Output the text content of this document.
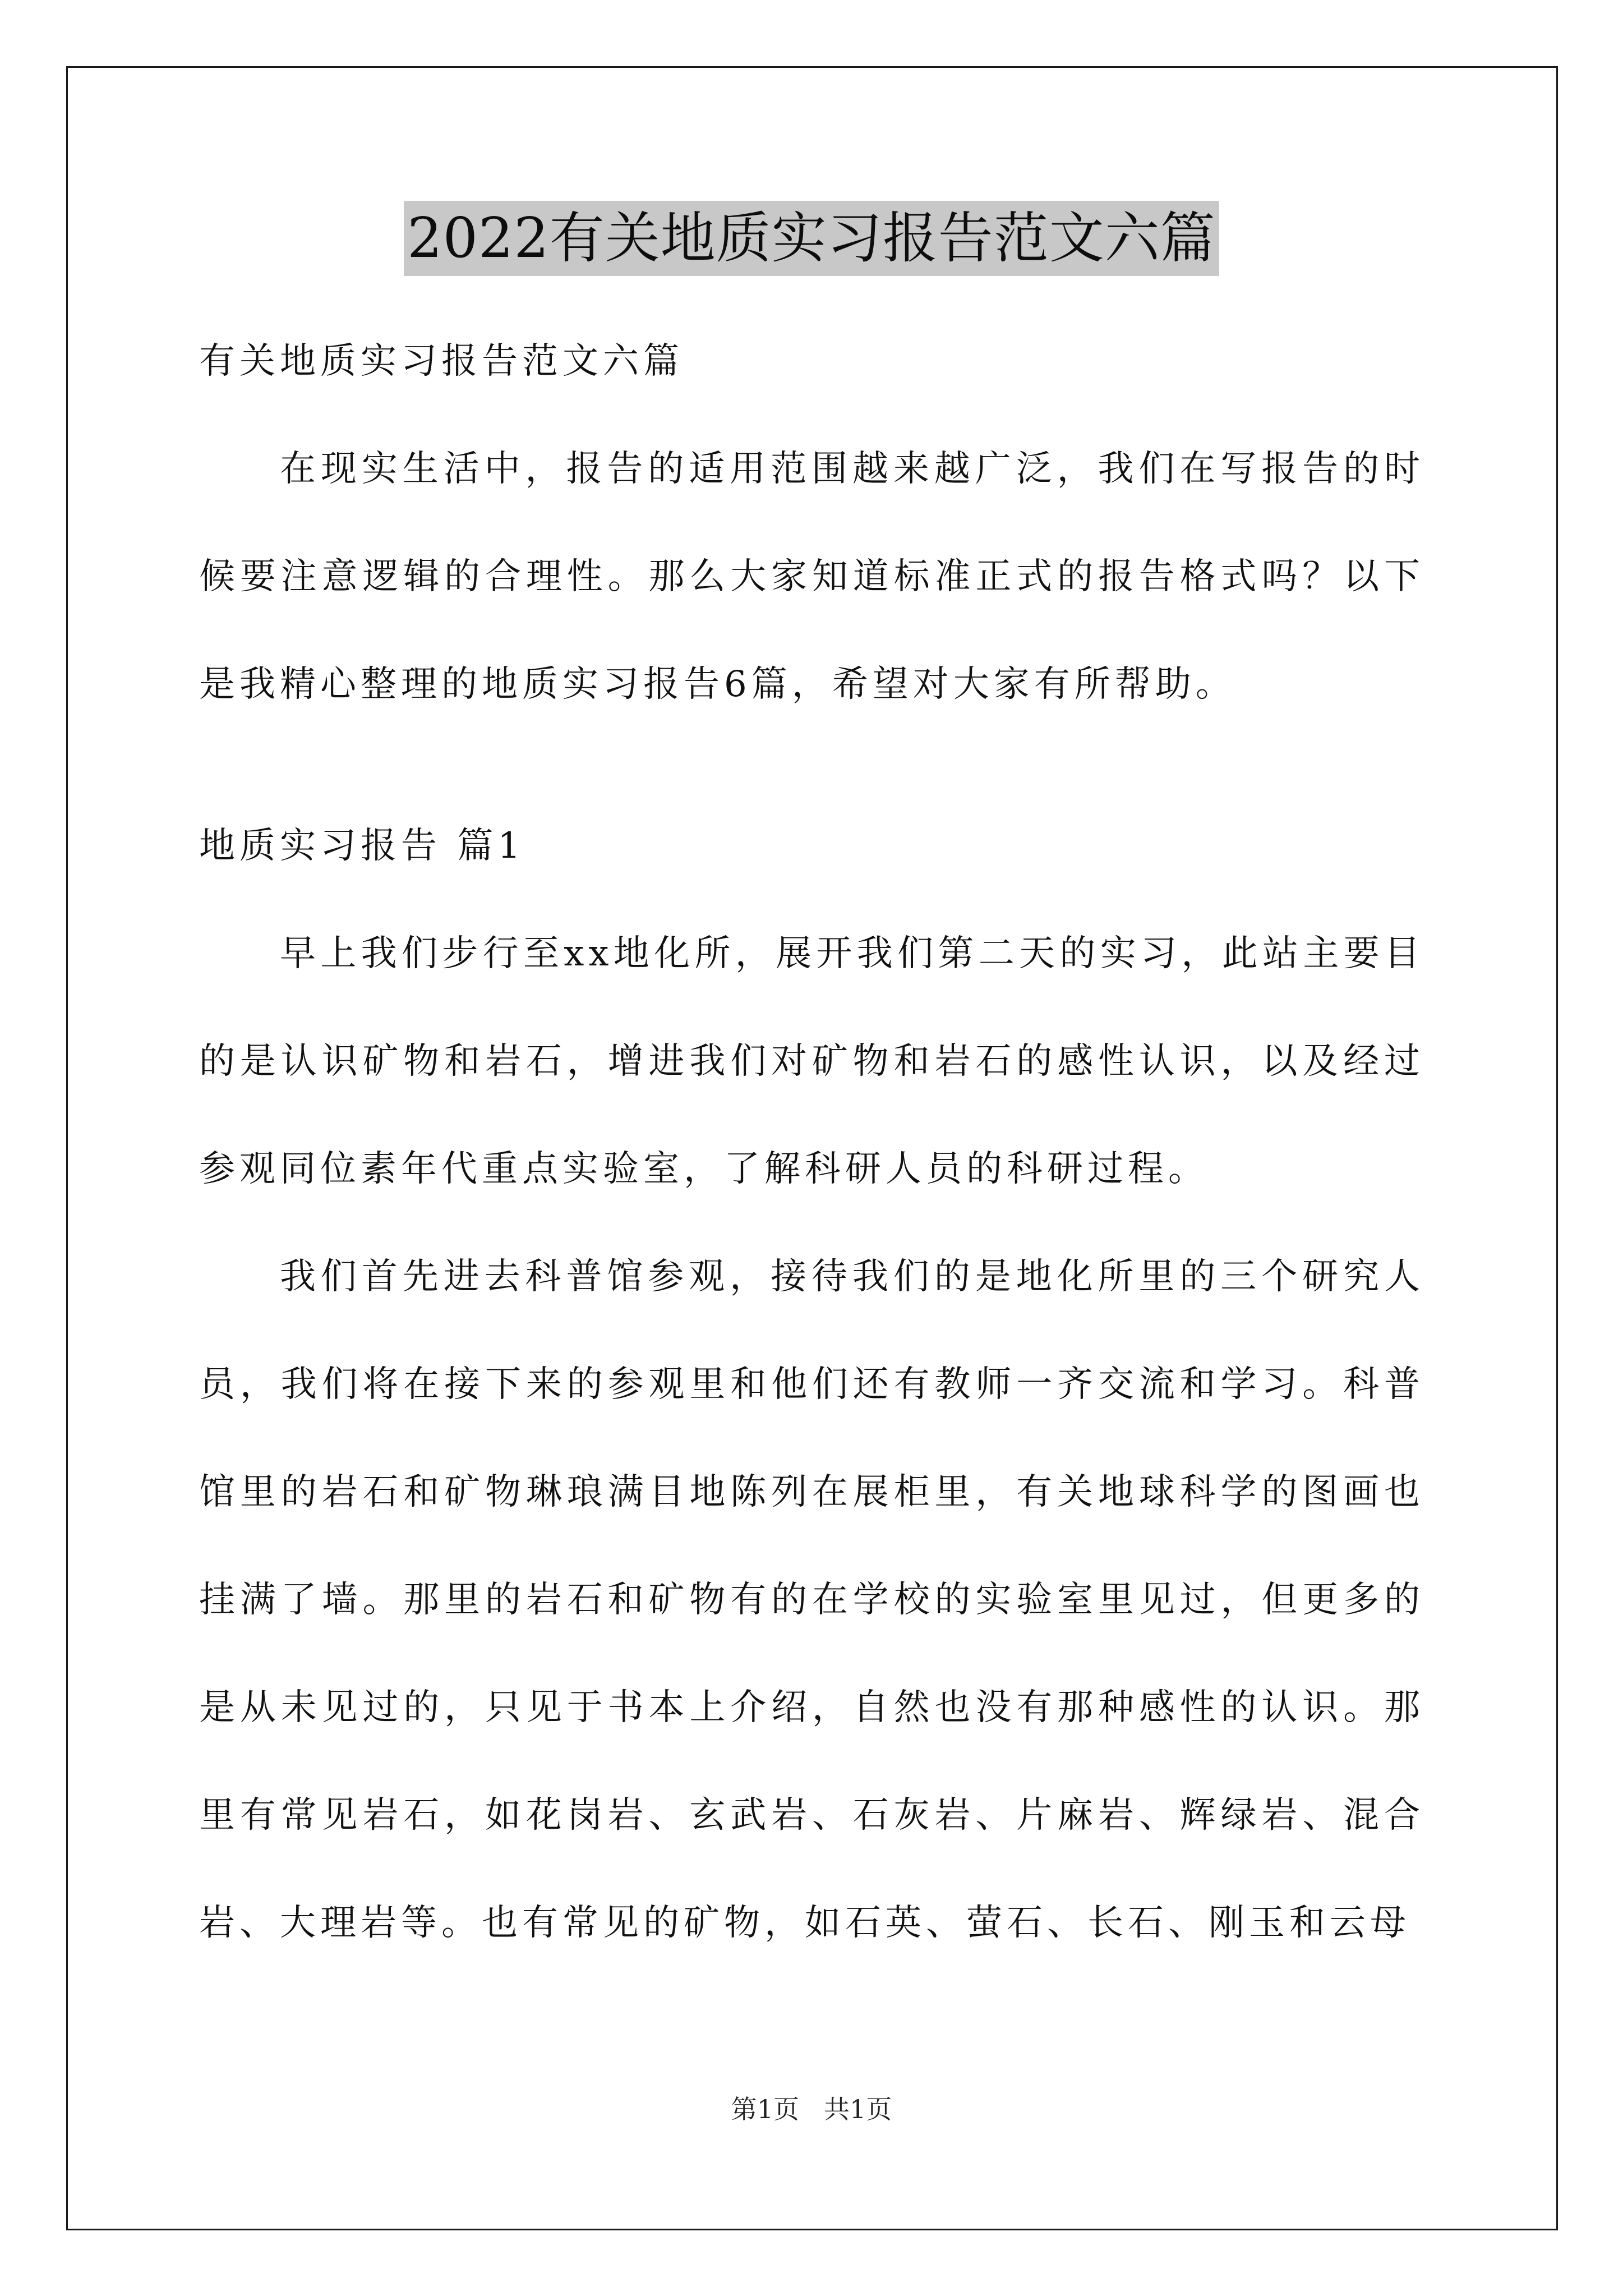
2022有关地质实习报告范文六篇

有关地质实习报告范文六篇

在现实生活中，报告的适用范围越来越广泛，我们在写报告的时候要注意逻辑的合理性。那么大家知道标准正式的报告格式吗？以下是我精心整理的地质实习报告6篇，希望对大家有所帮助。

地质实习报告 篇1

早上我们步行至xx地化所，展开我们第二天的实习，此站主要目的是认识矿物和岩石，增进我们对矿物和岩石的感性认识，以及经过参观同位素年代重点实验室，了解科研人员的科研过程。

我们首先进去科普馆参观，接待我们的是地化所里的三个研究人员，我们将在接下来的参观里和他们还有教师一齐交流和学习。科普馆里的岩石和矿物琳琅满目地陈列在展柜里，有关地球科学的图画也挂满了墙。那里的岩石和矿物有的在学校的实验室里见过，但更多的是从未见过的，只见于书本上介绍，自然也没有那种感性的认识。那里有常见岩石，如花岗岩、玄武岩、石灰岩、片麻岩、辉绿岩、混合岩、大理岩等。也有常见的矿物，如石英、萤石、长石、刚玉和云母

第1页 共1页
